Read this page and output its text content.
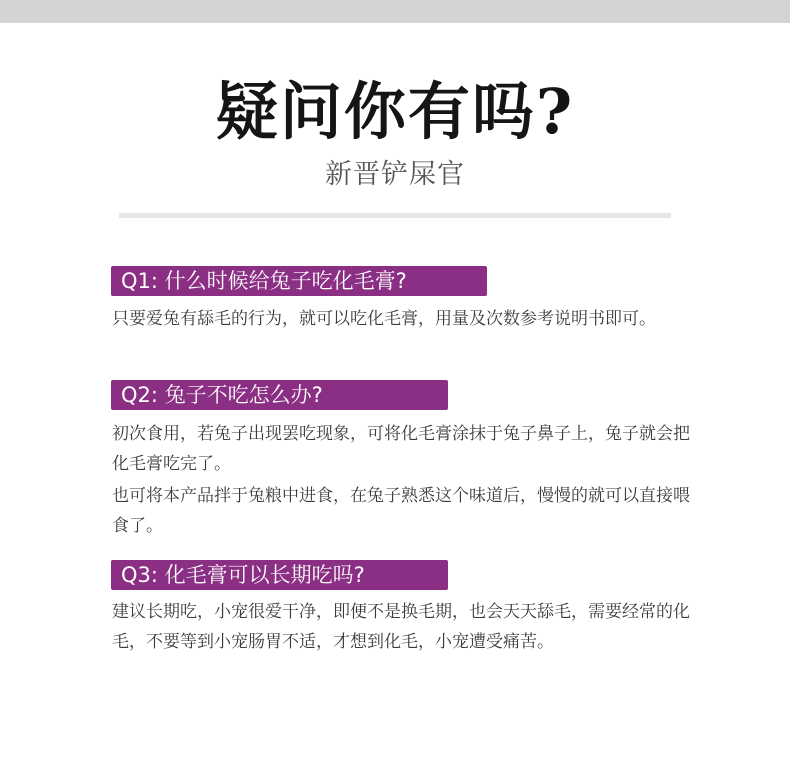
疑问你有吗?
新晋铲屎官
Q1: 什么时候给兔子吃化毛膏?
只要爱兔有舔毛的行为，就可以吃化毛膏，用量及次数参考说明书即可。
Q2: 兔子不吃怎么办?
初次食用，若兔子出现罢吃现象，可将化毛膏涂抹于兔子鼻子上，兔子就会把化毛膏吃完了。
也可将本产品拌于兔粮中进食，在兔子熟悉这个味道后，慢慢的就可以直接喂食了。
Q3: 化毛膏可以长期吃吗?
建议长期吃，小宠很爱干净，即便不是换毛期，也会天天舔毛，需要经常的化毛，不要等到小宠肠胃不适，才想到化毛，小宠遭受痛苦。
